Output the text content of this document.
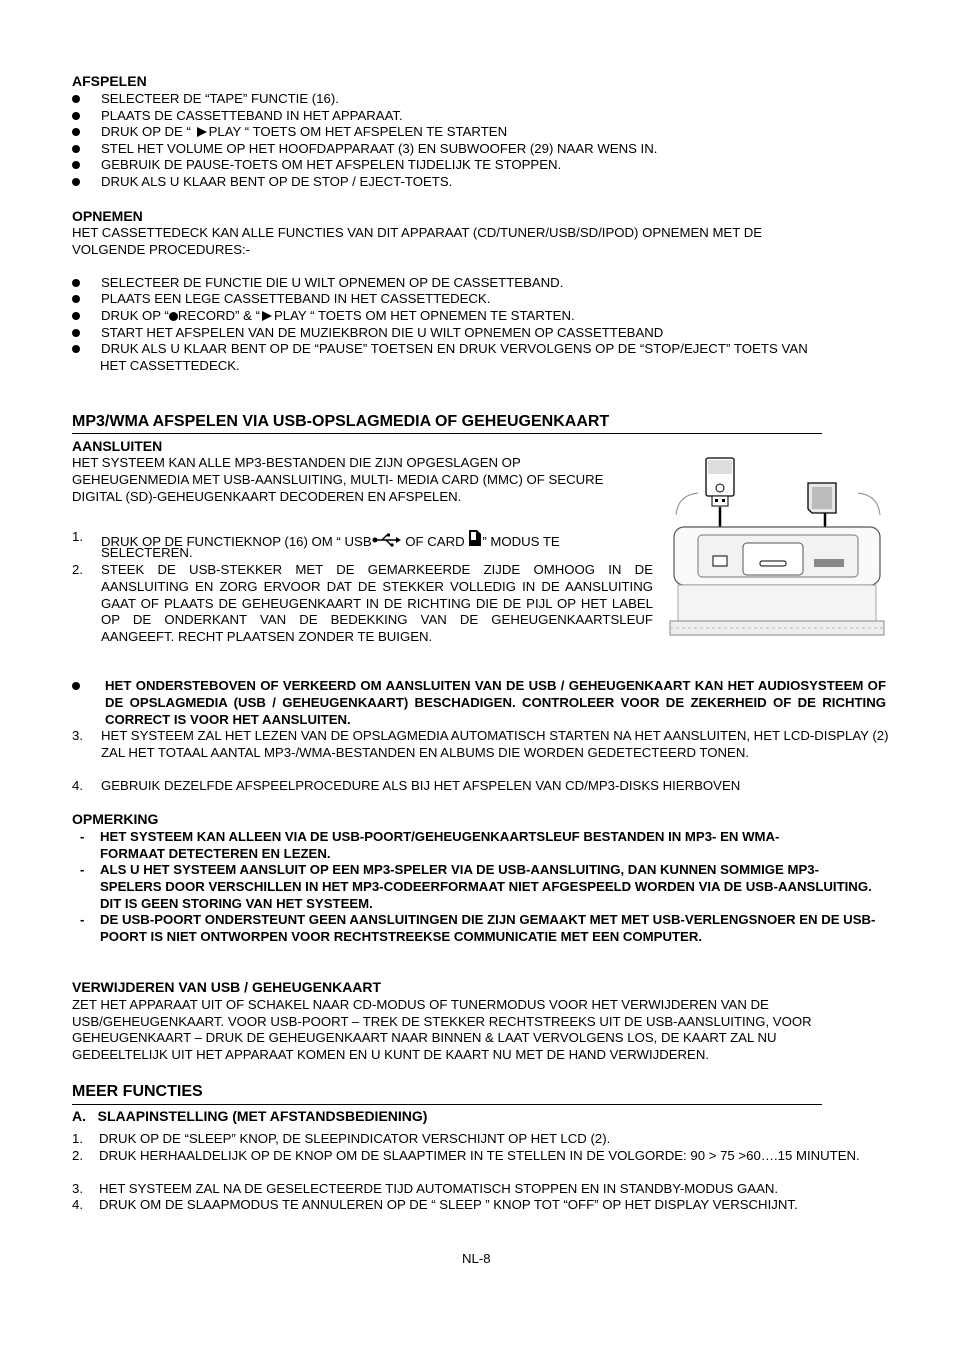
AFSPELEN
SELECTEER DE “TAPE” FUNCTIE (16).
PLAATS DE CASSETTEBAND IN HET APPARAAT.
DRUK OP DE “ PLAY “ TOETS OM HET AFSPELEN TE STARTEN
STEL HET VOLUME OP HET HOOFDAPPARAAT (3) EN SUBWOOFER (29) NAAR WENS IN.
GEBRUIK DE PAUSE-TOETS OM HET AFSPELEN TIJDELIJK TE STOPPEN.
DRUK ALS U KLAAR BENT OP DE STOP / EJECT-TOETS.
OPNEMEN
HET CASSETTEDECK KAN ALLE FUNCTIES VAN DIT APPARAAT (CD/TUNER/USB/SD/IPOD) OPNEMEN MET DE
VOLGENDE PROCEDURES:-
SELECTEER DE FUNCTIE DIE U WILT OPNEMEN OP DE CASSETTEBAND.
PLAATS EEN LEGE CASSETTEBAND IN HET CASSETTEDECK.
DRUK OP “ RECORD” & “ PLAY “ TOETS OM HET OPNEMEN TE STARTEN.
START HET AFSPELEN VAN DE MUZIEKBRON DIE U WILT OPNEMEN OP CASSETTEBAND
DRUK ALS U KLAAR BENT OP DE “PAUSE” TOETSEN EN DRUK VERVOLGENS OP DE “STOP/EJECT” TOETS VAN
HET CASSETTEDECK.
MP3/WMA AFSPELEN VIA USB-OPSLAGMEDIA OF GEHEUGENKAART
AANSLUITEN
HET SYSTEEM KAN ALLE MP3-BESTANDEN DIE ZIJN OPGESLAGEN OP
GEHEUGENMEDIA MET USB-AANSLUITING, MULTI- MEDIA CARD (MMC) OF SECURE
DIGITAL (SD)-GEHEUGENKAART DECODEREN EN AFSPELEN.
1. DRUK OP DE FUNCTIEKNOP (16) OM “ USB OF CARD ” MODUS TE
SELECTEREN.
2. STEEK DE USB-STEKKER MET DE GEMARKEERDE ZIJDE OMHOOG IN DE AANSLUITING EN ZORG ERVOOR DAT DE STEKKER VOLLEDIG IN DE AANSLUITING GAAT OF PLAATS DE GEHEUGENKAART IN DE RICHTING DIE DE PIJL OP HET LABEL OP DE ONDERKANT VAN DE BEDEKKING VAN DE GEHEUGENKAARTSLEUF AANGEEFT. RECHT PLAATSEN ZONDER TE BUIGEN.
HET ONDERSTEBOVEN OF VERKEERD OM AANSLUITEN VAN DE USB / GEHEUGENKAART KAN HET AUDIOSYSTEEM OF DE OPSLAGMEDIA (USB / GEHEUGENKAART) BESCHADIGEN. CONTROLEER VOOR DE ZEKERHEID OF DE RICHTING CORRECT IS VOOR HET AANSLUITEN.
3. HET SYSTEEM ZAL HET LEZEN VAN DE OPSLAGMEDIA AUTOMATISCH STARTEN NA HET AANSLUITEN, HET LCD-DISPLAY (2) ZAL HET TOTAAL AANTAL MP3-/WMA-BESTANDEN EN ALBUMS DIE WORDEN GEDETECTEERD TONEN.
4. GEBRUIK DEZELFDE AFSPEELPROCEDURE ALS BIJ HET AFSPELEN VAN CD/MP3-DISKS HIERBOVEN
OPMERKING
- HET SYSTEEM KAN ALLEEN VIA DE USB-POORT/GEHEUGENKAARTSLEUF BESTANDEN IN MP3- EN WMA-FORMAAT DETECTEREN EN LEZEN.
- ALS U HET SYSTEEM AANSLUIT OP EEN MP3-SPELER VIA DE USB-AANSLUITING, DAN KUNNEN SOMMIGE MP3-SPELERS DOOR VERSCHILLEN IN HET MP3-CODEERFORMAAT NIET AFGESPEELD WORDEN VIA DE USB-AANSLUITING. DIT IS GEEN STORING VAN HET SYSTEEM.
- DE USB-POORT ONDERSTEUNT GEEN AANSLUITINGEN DIE ZIJN GEMAAKT MET MET USB-VERLENGSNOER EN DE USB-POORT IS NIET ONTWORPEN VOOR RECHTSTREEKSE COMMUNICATIE MET EEN COMPUTER.
VERWIJDEREN VAN USB / GEHEUGENKAART
ZET HET APPARAAT UIT OF SCHAKEL NAAR CD-MODUS OF TUNERMODUS VOOR HET VERWIJDEREN VAN DE
USB/GEHEUGENKAART. VOOR USB-POORT – TREK DE STEKKER RECHTSTREEKS UIT DE USB-AANSLUITING, VOOR
GEHEUGENKAART – DRUK DE GEHEUGENKAART NAAR BINNEN & LAAT VERVOLGENS LOS, DE KAART ZAL NU
GEDEELTELIJK UIT HET APPARAAT KOMEN EN U KUNT DE KAART NU MET DE HAND VERWIJDEREN.
MEER FUNCTIES
A.   SLAAPINSTELLING (MET AFSTANDSBEDIENING)
1. DRUK OP DE “SLEEP” KNOP, DE SLEEPINDICATOR VERSCHIJNT OP HET LCD (2).
2. DRUK HERHAALDELIJK OP DE KNOP OM DE SLAAPTIMER IN TE STELLEN IN DE VOLGORDE: 90 > 75 >60….15 MINUTEN.
3. HET SYSTEEM ZAL NA DE GESELECTEERDE TIJD AUTOMATISCH STOPPEN EN IN STANDBY-MODUS GAAN.
4. DRUK OM DE SLAAPMODUS TE ANNULEREN OP DE “ SLEEP ” KNOP TOT “OFF” OP HET DISPLAY VERSCHIJNT.
NL-8
